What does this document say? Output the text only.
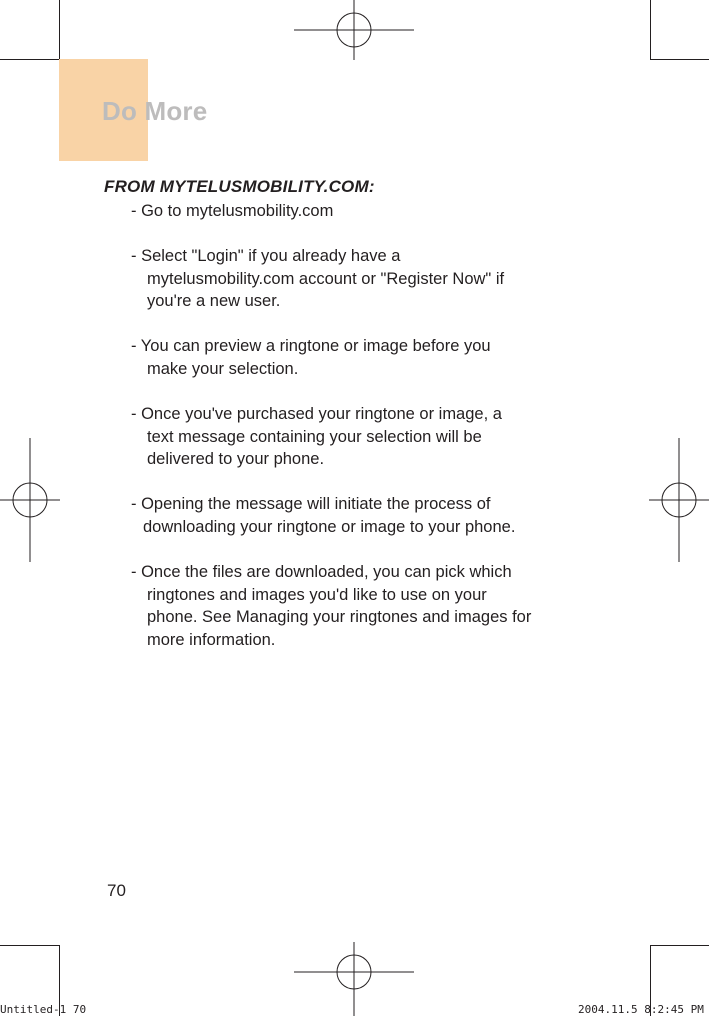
Do More
FROM MYTELUSMOBILITY.COM:
- Go to mytelusmobility.com
- Select "Login" if you already have a
mytelusmobility.com account or "Register Now" if
you're a new user.
- You can preview a ringtone or image before you
make your selection.
- Once you've purchased your ringtone or image, a
text message containing your selection will be
delivered to your phone.
- Opening the message will initiate the process of
downloading your ringtone or image to your phone.
- Once the files are downloaded, you can pick which
ringtones and images you'd like to use on your
phone. See Managing your ringtones and images for
more information.
70
Untitled-1 70	2004.11.5 8:2:45 PM
